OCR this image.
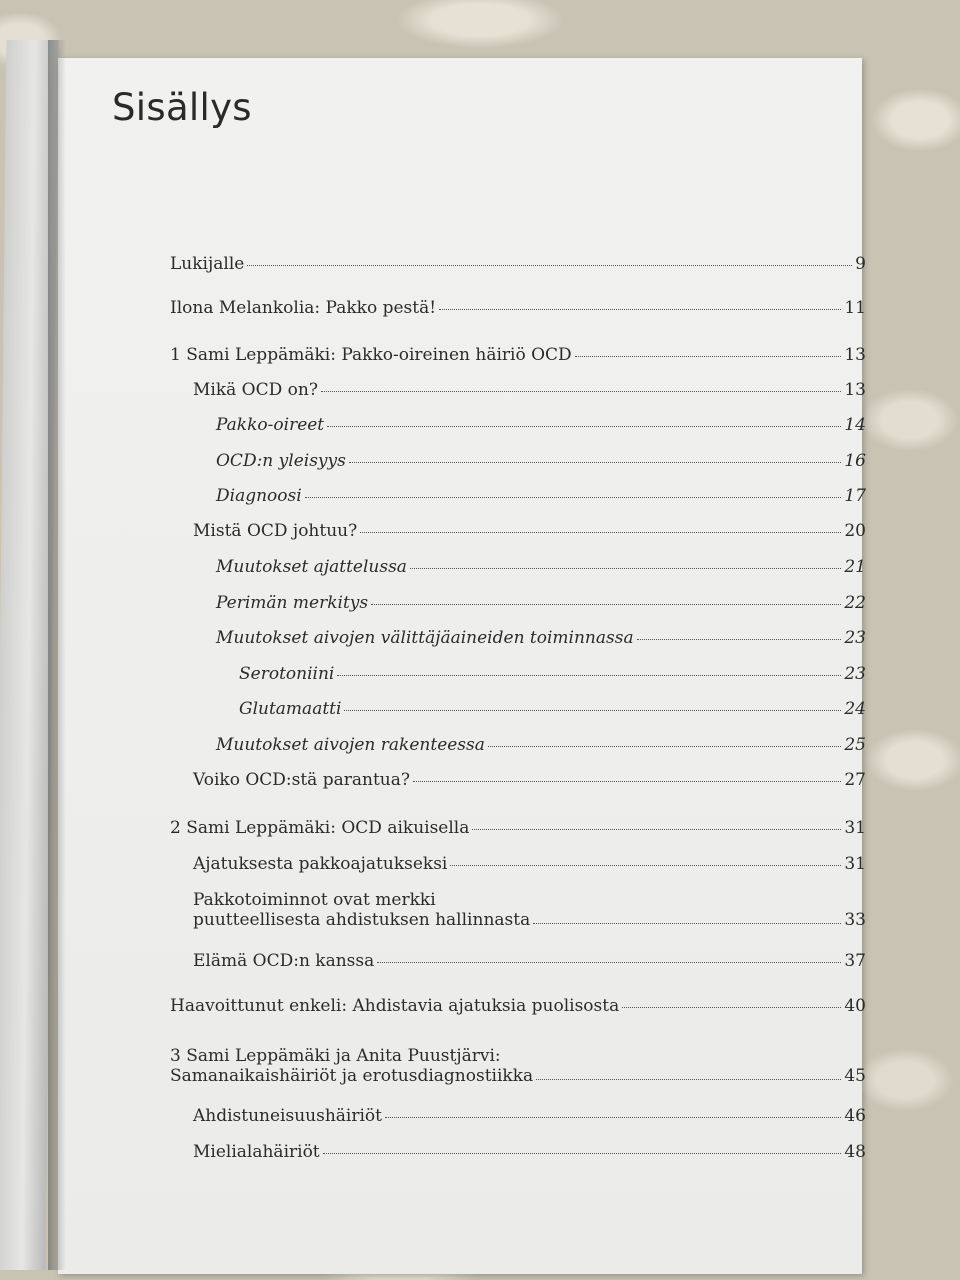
Sisällys
Lukijalle	9
Ilona Melankolia: Pakko pestä!	11
1 Sami Leppämäki: Pakko-oireinen häiriö OCD	13
Mikä OCD on?	13
Pakko-oireet	14
OCD:n yleisyys	16
Diagnoosi	17
Mistä OCD johtuu?	20
Muutokset ajattelussa	21
Perimän merkitys	22
Muutokset aivojen välittäjäaineiden toiminnassa	23
Serotoniini	23
Glutamaatti	24
Muutokset aivojen rakenteessa	25
Voiko OCD:stä parantua?	27
2 Sami Leppämäki: OCD aikuisella	31
Ajatuksesta pakkoajatukseksi	31
Pakkotoiminnot ovat merkki
puutteellisesta ahdistuksen hallinnasta	33
Elämä OCD:n kanssa	37
Haavoittunut enkeli: Ahdistavia ajatuksia puolisosta	40
3 Sami Leppämäki ja Anita Puustjärvi:
Samanaikaishäiriöt ja erotusdiagnostiikka	45
Ahdistuneisuushäiriöt	46
Mielialahäiriöt	48
